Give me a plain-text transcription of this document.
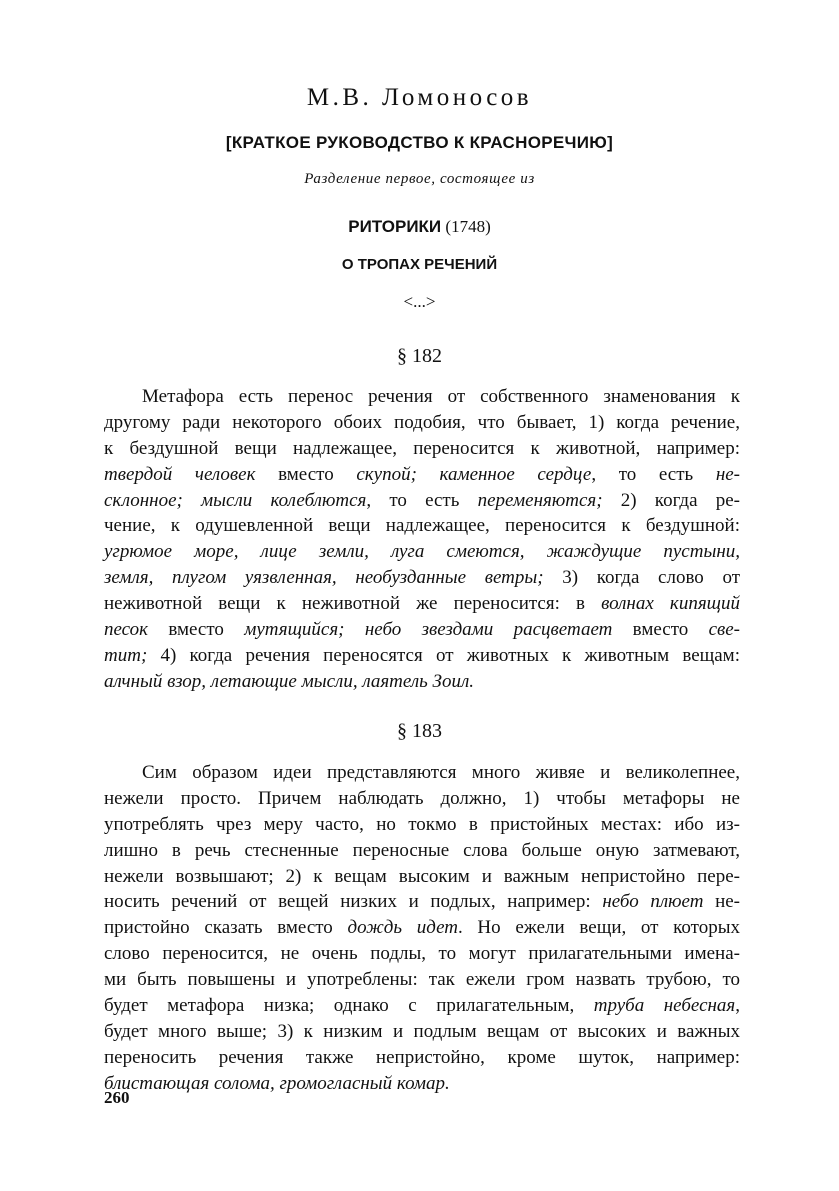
М.В. Ломоносов
[КРАТКОЕ РУКОВОДСТВО К КРАСНОРЕЧИЮ]
Разделение первое, состоящее из
РИТОРИКИ (1748)
О ТРОПАХ РЕЧЕНИЙ
<...>
§ 182
Метафора есть перенос речения от собственного знаменования к
другому ради некоторого обоих подобия, что бывает, 1) когда речение,
к бездушной вещи надлежащее, переносится к животной, например:
твердой человек вместо скупой; каменное сердце, то есть не-
склонное; мысли колеблются, то есть переменяются; 2) когда ре-
чение, к одушевленной вещи надлежащее, переносится к бездушной:
угрюмое море, лице земли, луга смеются, жаждущие пустыни,
земля, плугом уязвленная, необузданные ветры; 3) когда слово от
неживотной вещи к неживотной же переносится: в волнах кипящий
песок вместо мутящийся; небо звездами расцветает вместо све-
тит; 4) когда речения переносятся от животных к животным вещам:
алчный взор, летающие мысли, лаятель Зоил.
§ 183
Сим образом идеи представляются много живяе и великолепнее,
нежели просто. Причем наблюдать должно, 1) чтобы метафоры не
употреблять чрез меру часто, но токмо в пристойных местах: ибо из-
лишно в речь стесненные переносные слова больше оную затмевают,
нежели возвышают; 2) к вещам высоким и важным непристойно пере-
носить речений от вещей низких и подлых, например: небо плюет не-
пристойно сказать вместо дождь идет. Но ежели вещи, от которых
слово переносится, не очень подлы, то могут прилагательными имена-
ми быть повышены и употреблены: так ежели гром назвать трубою, то
будет метафора низка; однако с прилагательным, труба небесная,
будет много выше; 3) к низким и подлым вещам от высоких и важных
переносить речения также непристойно, кроме шуток, например:
блистающая солома, громогласный комар.
260
